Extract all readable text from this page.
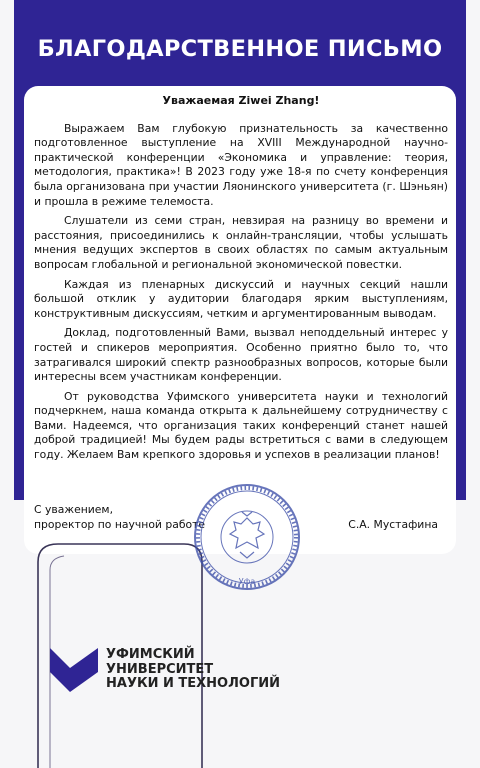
БЛАГОДАРСТВЕННОЕ ПИСЬМО
Уважаемая Ziwei Zhang!

Выражаем Вам глубокую признательность за качественно подготовленное выступление на XVIII Международной научно-практической конференции «Экономика и управление: теория, методология, практика»! В 2023 году уже 18-я по счету конференция была организована при участии Ляонинского университета (г. Шэньян) и прошла в режиме телемоста.

Слушатели из семи стран, невзирая на разницу во времени и расстояния, присоединились к онлайн-трансляции, чтобы услышать мнения ведущих экспертов в своих областях по самым актуальным вопросам глобальной и региональной экономической повестки.

Каждая из пленарных дискуссий и научных секций нашли большой отклик у аудитории благодаря ярким выступлениям, конструктивным дискуссиям, четким и аргументированным выводам.

Доклад, подготовленный Вами, вызвал неподдельный интерес у гостей и спикеров мероприятия. Особенно приятно было то, что затрагивался широкий спектр разнообразных вопросов, которые были интересны всем участникам конференции.

От руководства Уфимского университета науки и технологий подчеркнем, наша команда открыта к дальнейшему сотрудничеству с Вами. Надеемся, что организация таких конференций станет нашей доброй традицией! Мы будем рады встретиться с вами в следующем году. Желаем Вам крепкого здоровья и успехов в реализации планов!

С уважением,
проректор по научной работе	С.А. Мустафина
Уфа
УФИМСКИЙ
УНИВЕРСИТЕТ
НАУКИ И ТЕХНОЛОГИЙ
